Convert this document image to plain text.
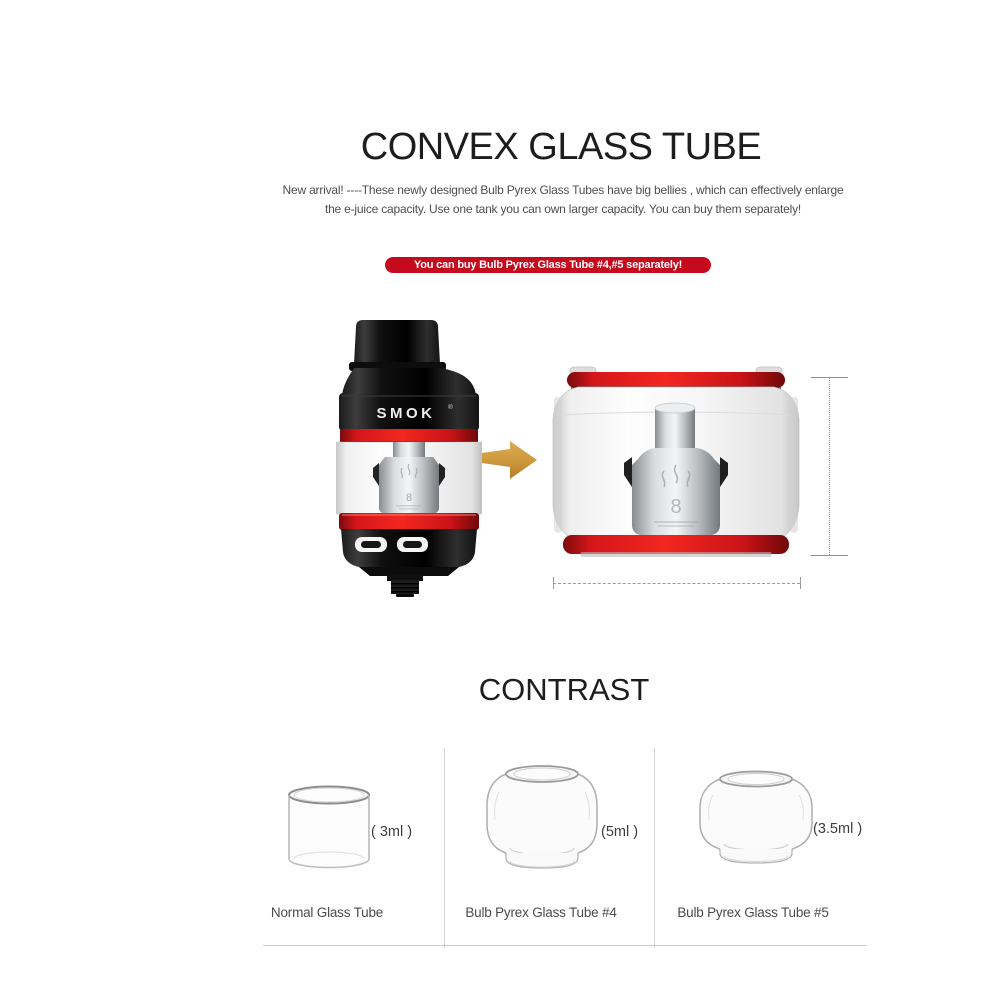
CONVEX GLASS TUBE
New arrival! ----These newly designed Bulb Pyrex Glass Tubes have big bellies , which can effectively enlarge
the e-juice capacity. Use one tank you can own larger capacity. You can buy them separately!
You can buy Bulb Pyrex Glass Tube #4,#5 separately!
SMOK ®
8	8
CONTRAST
( 3ml )
Normal Glass Tube
(5ml )
Bulb Pyrex Glass Tube #4
(3.5ml )
Bulb Pyrex Glass Tube #5
